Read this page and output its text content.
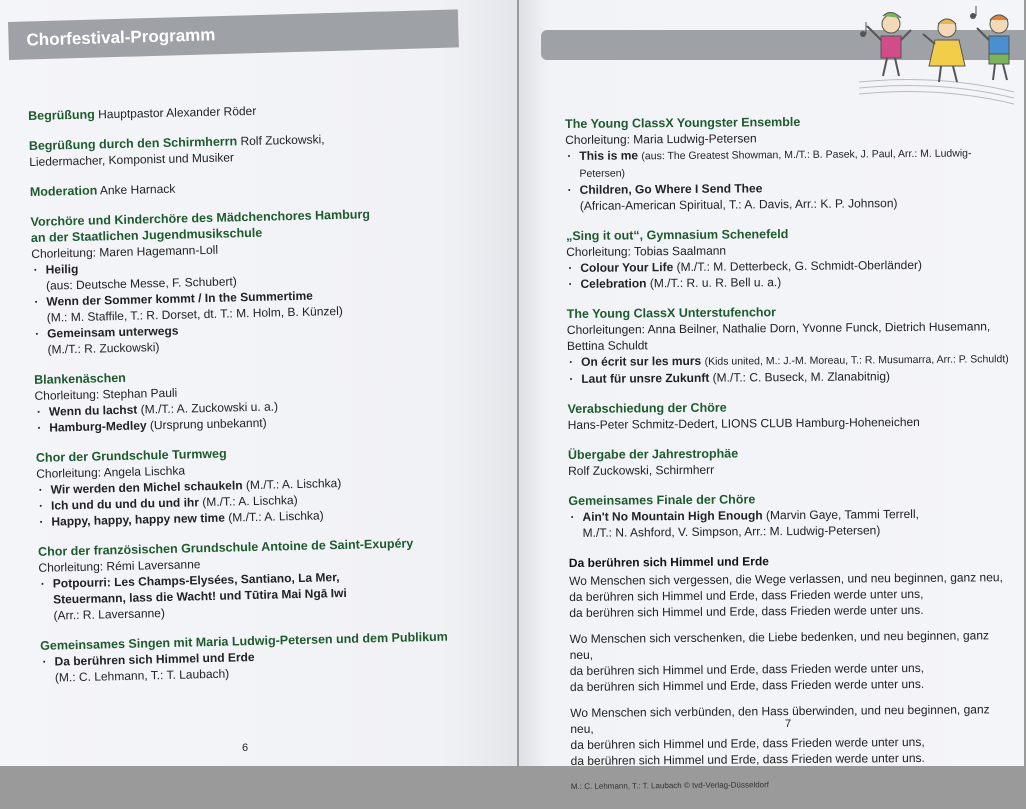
Chorfestival-Programm
Begrüßung Hauptpastor Alexander Röder
Begrüßung durch den Schirmherrn Rolf Zuckowski,
Liedermacher, Komponist und Musiker
Moderation Anke Harnack
Vorchöre und Kinderchöre des Mädchenchores Hamburg
an der Staatlichen Jugendmusikschule
Chorleitung: Maren Hagemann-Loll
· Heilig
(aus: Deutsche Messe, F. Schubert)
· Wenn der Sommer kommt / In the Summertime
(M.: M. Staffile, T.: R. Dorset, dt. T.: M. Holm, B. Künzel)
· Gemeinsam unterwegs
(M./T.: R. Zuckowski)
Blankenäschen
Chorleitung: Stephan Pauli
· Wenn du lachst (M./T.: A. Zuckowski u. a.)
· Hamburg-Medley (Ursprung unbekannt)
Chor der Grundschule Turmweg
Chorleitung: Angela Lischka
· Wir werden den Michel schaukeln (M./T.: A. Lischka)
· Ich und du und du und ihr (M./T.: A. Lischka)
· Happy, happy, happy new time (M./T.: A. Lischka)
Chor der französischen Grundschule Antoine de Saint-Exupéry
Chorleitung: Rémi Laversanne
· Potpourri: Les Champs-Elysées, Santiano, La Mer,
Steuermann, lass die Wacht! und Tūtira Mai Ngā Iwi
(Arr.: R. Laversanne)
Gemeinsames Singen mit Maria Ludwig-Petersen und dem Publikum
· Da berühren sich Himmel und Erde
(M.: C. Lehmann, T.: T. Laubach)
6
The Young ClassX Youngster Ensemble
Chorleitung: Maria Ludwig-Petersen
· This is me (aus: The Greatest Showman, M./T.: B. Pasek, J. Paul, Arr.: M. Ludwig-Petersen)
· Children, Go Where I Send Thee
(African-American Spiritual, T.: A. Davis, Arr.: K. P. Johnson)
„Sing it out“, Gymnasium Schenefeld
Chorleitung: Tobias Saalmann
· Colour Your Life (M./T.: M. Detterbeck, G. Schmidt-Oberländer)
· Celebration (M./T.: R. u. R. Bell u. a.)
The Young ClassX Unterstufenchor
Chorleitungen: Anna Beilner, Nathalie Dorn, Yvonne Funck, Dietrich Husemann,
Bettina Schuldt
· On écrit sur les murs (Kids united, M.: J.-M. Moreau, T.: R. Musumarra, Arr.: P. Schuldt)
· Laut für unsre Zukunft (M./T.: C. Buseck, M. Zlanabitnig)
Verabschiedung der Chöre
Hans-Peter Schmitz-Dedert, LIONS CLUB Hamburg-Hoheneichen
Übergabe der Jahrestrophäe
Rolf Zuckowski, Schirmherr
Gemeinsames Finale der Chöre
· Ain't No Mountain High Enough (Marvin Gaye, Tammi Terrell,
M./T.: N. Ashford, V. Simpson, Arr.: M. Ludwig-Petersen)
Da berühren sich Himmel und Erde
Wo Menschen sich vergessen, die Wege verlassen, und neu beginnen, ganz neu,
da berühren sich Himmel und Erde, dass Frieden werde unter uns,
da berühren sich Himmel und Erde, dass Frieden werde unter uns.
Wo Menschen sich verschenken, die Liebe bedenken, und neu beginnen, ganz neu,
da berühren sich Himmel und Erde, dass Frieden werde unter uns,
da berühren sich Himmel und Erde, dass Frieden werde unter uns.
Wo Menschen sich verbünden, den Hass überwinden, und neu beginnen, ganz neu,
da berühren sich Himmel und Erde, dass Frieden werde unter uns,
da berühren sich Himmel und Erde, dass Frieden werde unter uns.
M.: C. Lehmann, T.: T. Laubach © tvd-Verlag-Düsseldorf
7
